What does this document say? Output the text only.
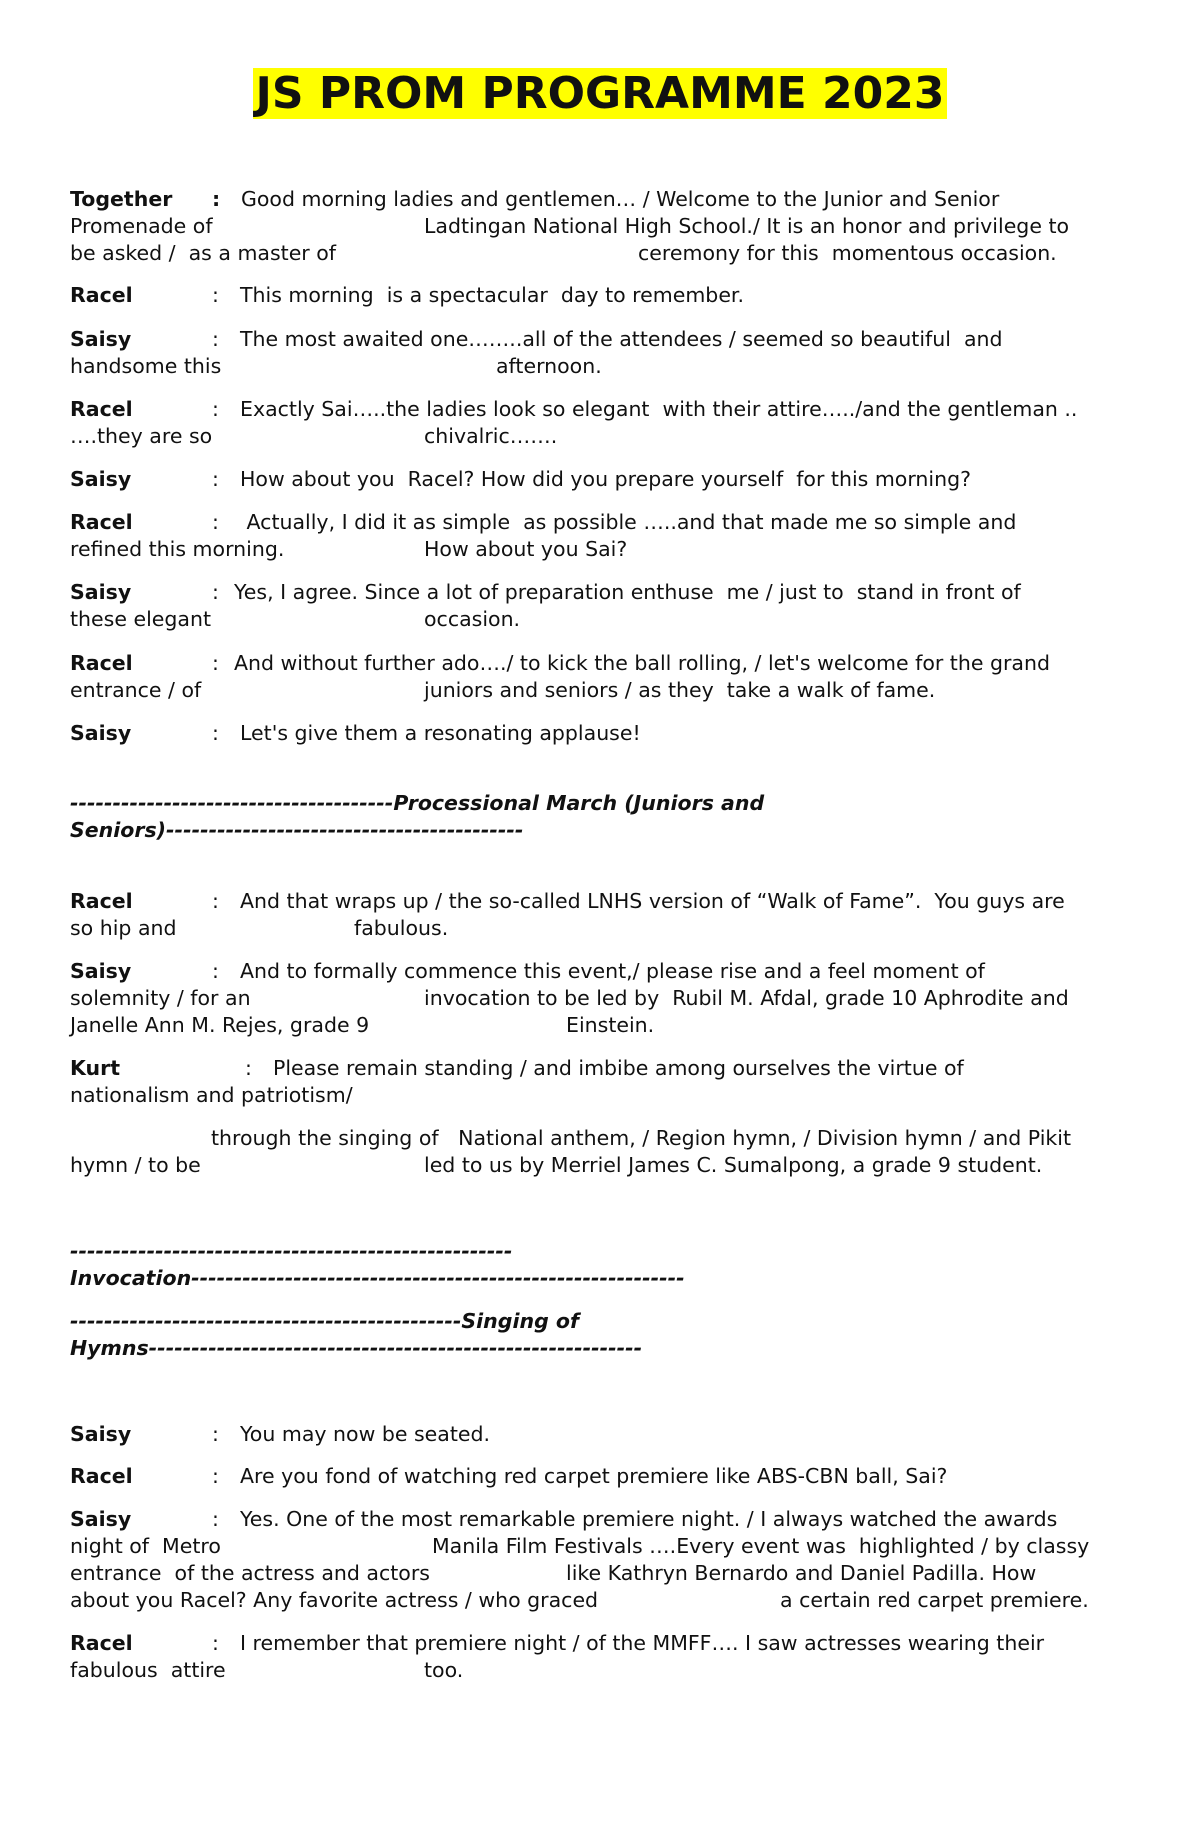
JS PROM PROGRAMME 2023
Together : Good morning ladies and gentlemen… / Welcome to the Junior and Senior
Promenade of	Ladtingan National High School./ It is an honor and privilege to
be asked /  as a master of	ceremony for this  momentous occasion.
Racel	: This morning  is a spectacular  day to remember.
Saisy	: The most awaited one……..all of the attendees / seemed so beautiful  and
handsome this	afternoon.
Racel	: Exactly Sai…..the ladies look so elegant  with their attire…../and the gentleman ..
….they are so	chivalric…….
Saisy	: How about you  Racel? How did you prepare yourself  for this morning?
Racel	: Actually, I did it as simple  as possible …..and that made me so simple and
refined this morning.	How about you Sai?
Saisy	: Yes, I agree. Since a lot of preparation enthuse  me / just to  stand in front of
these elegant	occasion.
Racel	: And without further ado…./ to kick the ball rolling, / let's welcome for the grand
entrance / of	juniors and seniors / as they  take a walk of fame.
Saisy	: Let's give them a resonating applause!
--------------------------------------Processional March (Juniors and
Seniors)------------------------------------------
Racel	: And that wraps up / the so-called LNHS version of “Walk of Fame”.  You guys are
so hip and	fabulous.
Saisy	: And to formally commence this event,/ please rise and a feel moment of
solemnity / for an	invocation to be led by  Rubil M. Afdal, grade 10 Aphrodite and
Janelle Ann M. Rejes, grade 9	Einstein.
Kurt	: Please remain standing / and imbibe among ourselves the virtue of
nationalism and patriotism/
through the singing of   National anthem, / Region hymn, / Division hymn / and Pikit
hymn / to be	led to us by Merriel James C. Sumalpong, a grade 9 student.
----------------------------------------------------
Invocation----------------------------------------------------------
----------------------------------------------Singing of
Hymns----------------------------------------------------------
Saisy	: You may now be seated.
Racel	: Are you fond of watching red carpet premiere like ABS-CBN ball, Sai?
Saisy	: Yes. One of the most remarkable premiere night. / I always watched the awards
night of  Metro	Manila Film Festivals ….Every event was  highlighted / by classy
entrance  of the actress and actors	like Kathryn Bernardo and Daniel Padilla. How
about you Racel? Any favorite actress / who graced	a certain red carpet premiere.
Racel	: I remember that premiere night / of the MMFF…. I saw actresses wearing their
fabulous  attire	too.
